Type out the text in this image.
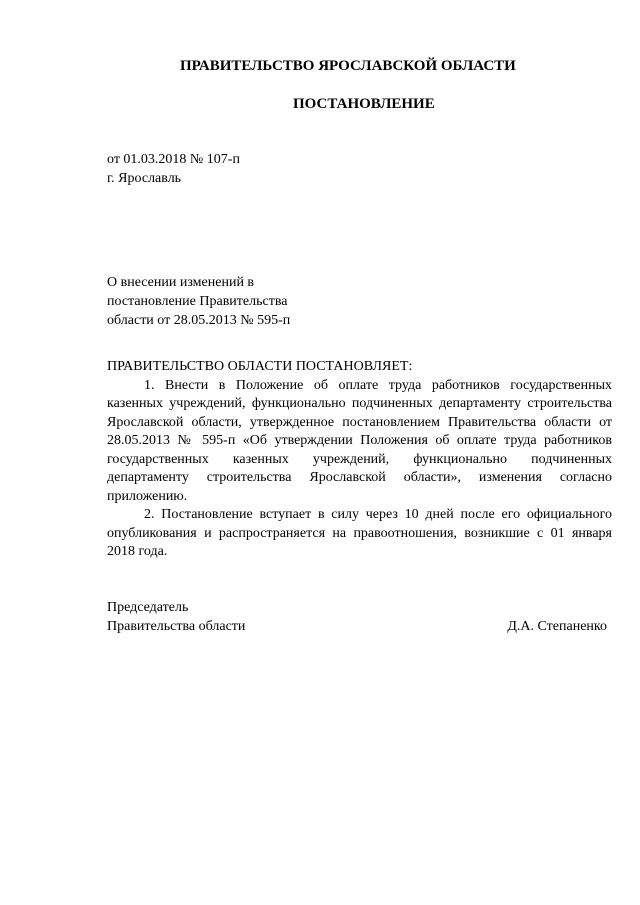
ПРАВИТЕЛЬСТВО ЯРОСЛАВСКОЙ ОБЛАСТИ
ПОСТАНОВЛЕНИЕ
от 01.03.2018 № 107-п
г. Ярославль
О внесении изменений в
постановление Правительства
области от 28.05.2013 № 595-п
ПРАВИТЕЛЬСТВО ОБЛАСТИ ПОСТАНОВЛЯЕТ:

1. Внести в Положение об оплате труда работников государственных казенных учреждений, функционально подчиненных департаменту строительства Ярославской области, утвержденное постановлением Правительства области от 28.05.2013 № 595-п «Об утверждении Положения об оплате труда работников государственных казенных учреждений, функционально подчиненных департаменту строительства Ярославской области», изменения согласно приложению.

2. Постановление вступает в силу через 10 дней после его официального опубликования и распространяется на правоотношения, возникшие с 01 января 2018 года.

Председатель
Правительства области	Д.А. Степаненко
